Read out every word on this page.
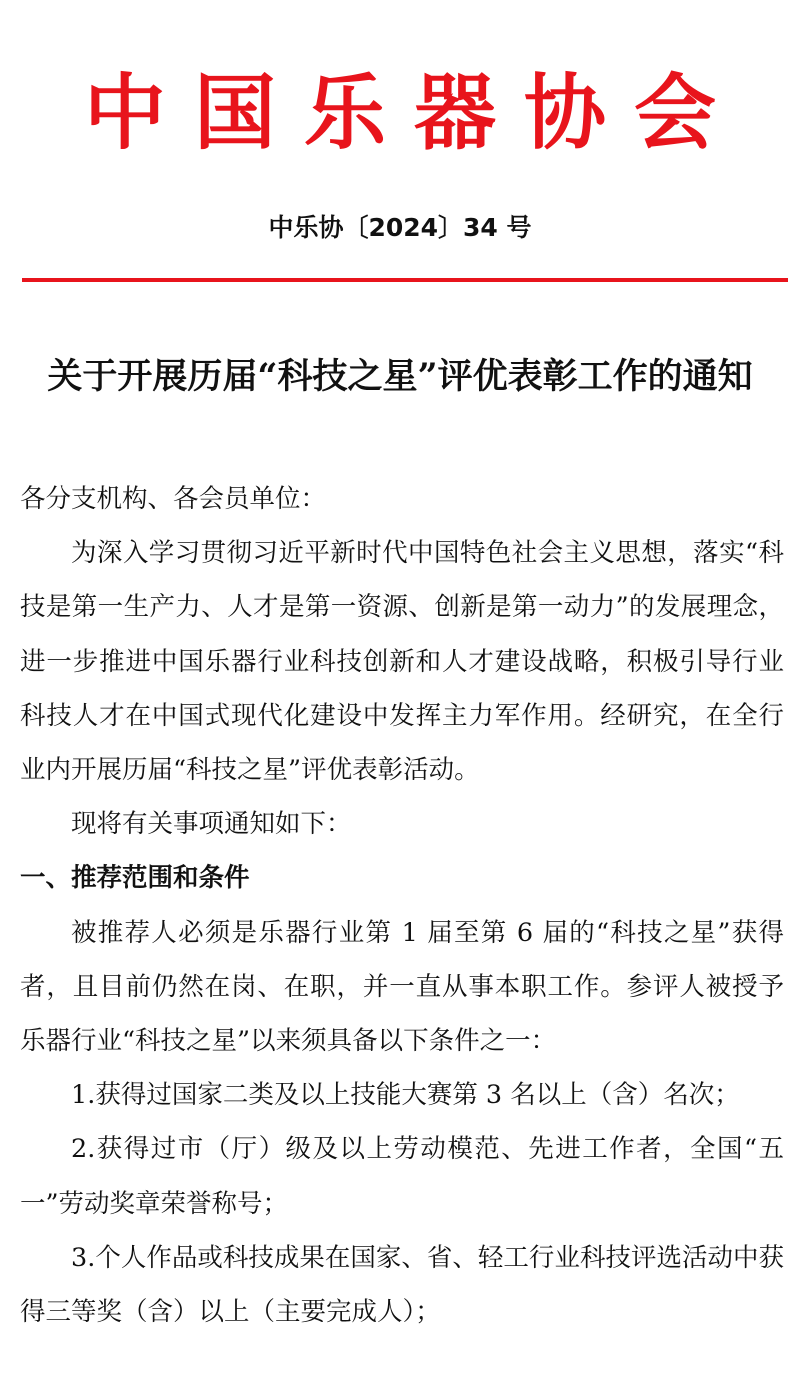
中国乐器协会
中乐协〔2024〕34 号
关于开展历届“科技之星”评优表彰工作的通知

各分支机构、各会员单位：

为深入学习贯彻习近平新时代中国特色社会主义思想，落实“科技是第一生产力、人才是第一资源、创新是第一动力”的发展理念，进一步推进中国乐器行业科技创新和人才建设战略，积极引导行业科技人才在中国式现代化建设中发挥主力军作用。经研究，在全行业内开展历届“科技之星”评优表彰活动。

现将有关事项通知如下：

一、推荐范围和条件

被推荐人必须是乐器行业第 1 届至第 6 届的“科技之星”获得者，且目前仍然在岗、在职，并一直从事本职工作。参评人被授予乐器行业“科技之星”以来须具备以下条件之一：

1.获得过国家二类及以上技能大赛第 3 名以上（含）名次；

2.获得过市（厅）级及以上劳动模范、先进工作者，全国“五一”劳动奖章荣誉称号；

3.个人作品或科技成果在国家、省、轻工行业科技评选活动中获得三等奖（含）以上（主要完成人）；
